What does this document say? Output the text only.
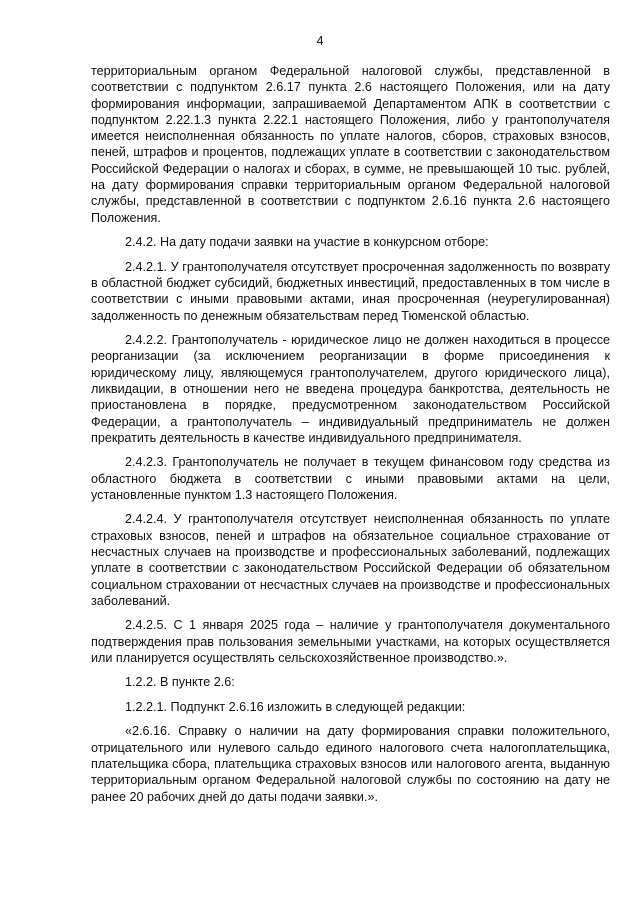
4

территориальным органом Федеральной налоговой службы, представленной в соответствии с подпунктом 2.6.17 пункта 2.6 настоящего Положения, или на дату формирования информации, запрашиваемой Департаментом АПК в соответствии с подпунктом 2.22.1.3 пункта 2.22.1 настоящего Положения, либо у грантополучателя имеется неисполненная обязанность по уплате налогов, сборов, страховых взносов, пеней, штрафов и процентов, подлежащих уплате в соответствии с законодательством Российской Федерации о налогах и сборах, в сумме, не превышающей 10 тыс. рублей, на дату формирования справки территориальным органом Федеральной налоговой службы, представленной в соответствии с подпунктом 2.6.16 пункта 2.6 настоящего Положения.

2.4.2. На дату подачи заявки на участие в конкурсном отборе:

2.4.2.1. У грантополучателя отсутствует просроченная задолженность по возврату в областной бюджет субсидий, бюджетных инвестиций, предоставленных в том числе в соответствии с иными правовыми актами, иная просроченная (неурегулированная) задолженность по денежным обязательствам перед Тюменской областью.

2.4.2.2. Грантополучатель - юридическое лицо не должен находиться в процессе реорганизации (за исключением реорганизации в форме присоединения к юридическому лицу, являющемуся грантополучателем, другого юридического лица), ликвидации, в отношении него не введена процедура банкротства, деятельность не приостановлена в порядке, предусмотренном законодательством Российской Федерации, а грантополучатель – индивидуальный предприниматель не должен прекратить деятельность в качестве индивидуального предпринимателя.

2.4.2.3. Грантополучатель не получает в текущем финансовом году средства из областного бюджета в соответствии с иными правовыми актами на цели, установленные пунктом 1.3 настоящего Положения.

2.4.2.4. У грантополучателя отсутствует неисполненная обязанность по уплате страховых взносов, пеней и штрафов на обязательное социальное страхование от несчастных случаев на производстве и профессиональных заболеваний, подлежащих уплате в соответствии с законодательством Российской Федерации об обязательном социальном страховании от несчастных случаев на производстве и профессиональных заболеваний.

2.4.2.5. С 1 января 2025 года – наличие у грантополучателя документального подтверждения прав пользования земельными участками, на которых осуществляется или планируется осуществлять сельскохозяйственное производство.».

1.2.2. В пункте 2.6:

1.2.2.1. Подпункт 2.6.16 изложить в следующей редакции:

«2.6.16. Справку о наличии на дату формирования справки положительного, отрицательного или нулевого сальдо единого налогового счета налогоплательщика, плательщика сбора, плательщика страховых взносов или налогового агента, выданную территориальным органом Федеральной налоговой службы по состоянию на дату не ранее 20 рабочих дней до даты подачи заявки.».
